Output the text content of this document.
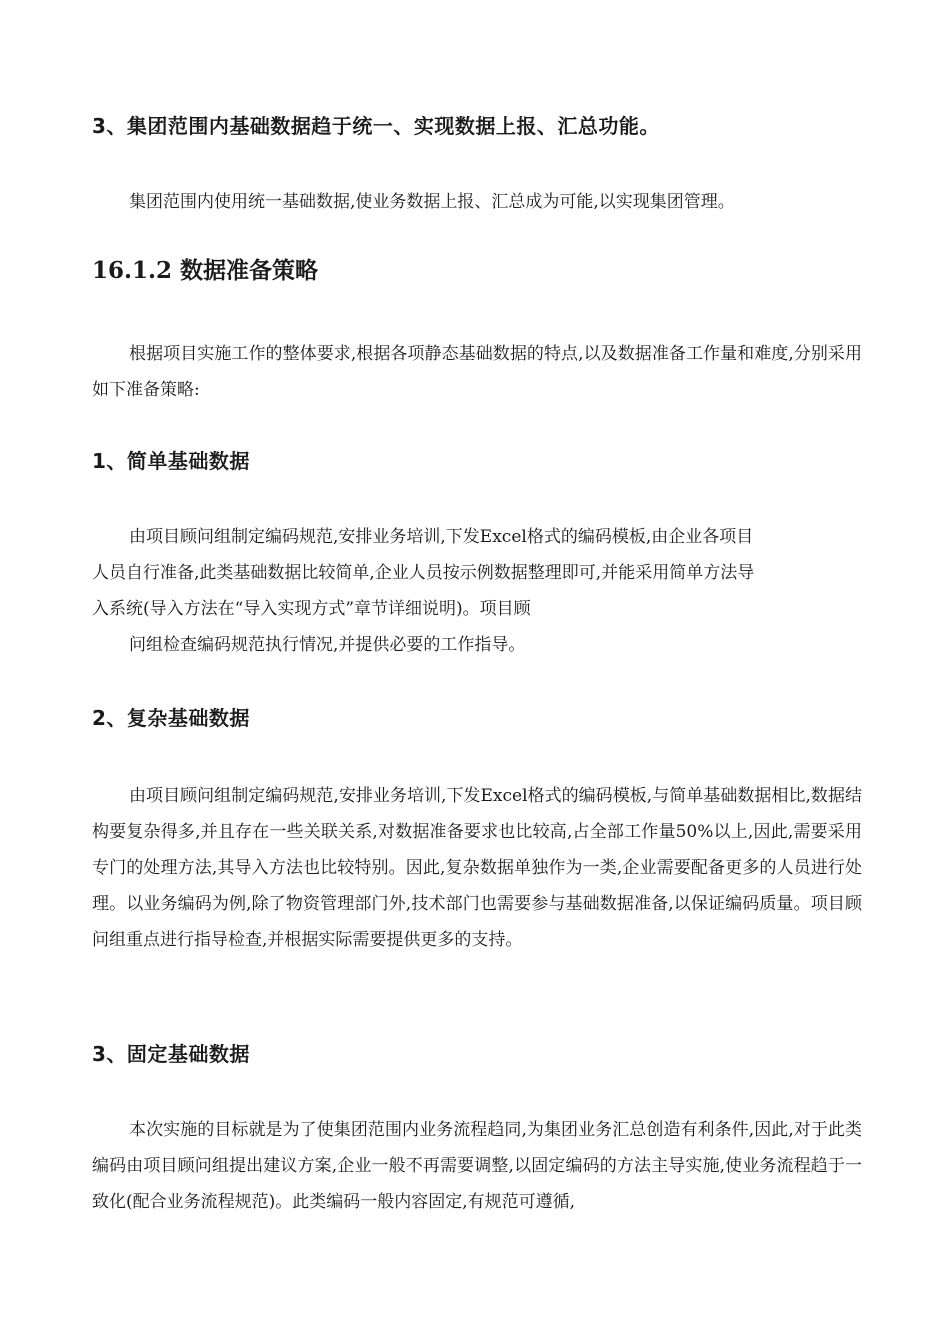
3、集团范围内基础数据趋于统一、实现数据上报、汇总功能。

集团范围内使用统一基础数据,使业务数据上报、汇总成为可能,以实现集团管理。

16.1.2 数据准备策略

根据项目实施工作的整体要求,根据各项静态基础数据的特点,以及数据准备工作量和难度,分别采用如下准备策略:

1、简单基础数据

由项目顾问组制定编码规范,安排业务培训,下发Excel格式的编码模板,由企业各项目

人员自行准备,此类基础数据比较简单,企业人员按示例数据整理即可,并能采用简单方法导

入系统(导入方法在“导入实现方式”章节详细说明)。项目顾

问组检查编码规范执行情况,并提供必要的工作指导。

2、复杂基础数据

由项目顾问组制定编码规范,安排业务培训,下发Excel格式的编码模板,与简单基础数据相比,数据结构要复杂得多,并且存在一些关联关系,对数据准备要求也比较高,占全部工作量50%以上,因此,需要采用专门的处理方法,其导入方法也比较特别。因此,复杂数据单独作为一类,企业需要配备更多的人员进行处理。以业务编码为例,除了物资管理部门外,技术部门也需要参与基础数据准备,以保证编码质量。项目顾问组重点进行指导检查,并根据实际需要提供更多的支持。

3、固定基础数据

本次实施的目标就是为了使集团范围内业务流程趋同,为集团业务汇总创造有利条件,因此,对于此类编码由项目顾问组提出建议方案,企业一般不再需要调整,以固定编码的方法主导实施,使业务流程趋于一致化(配合业务流程规范)。此类编码一般内容固定,有规范可遵循,
